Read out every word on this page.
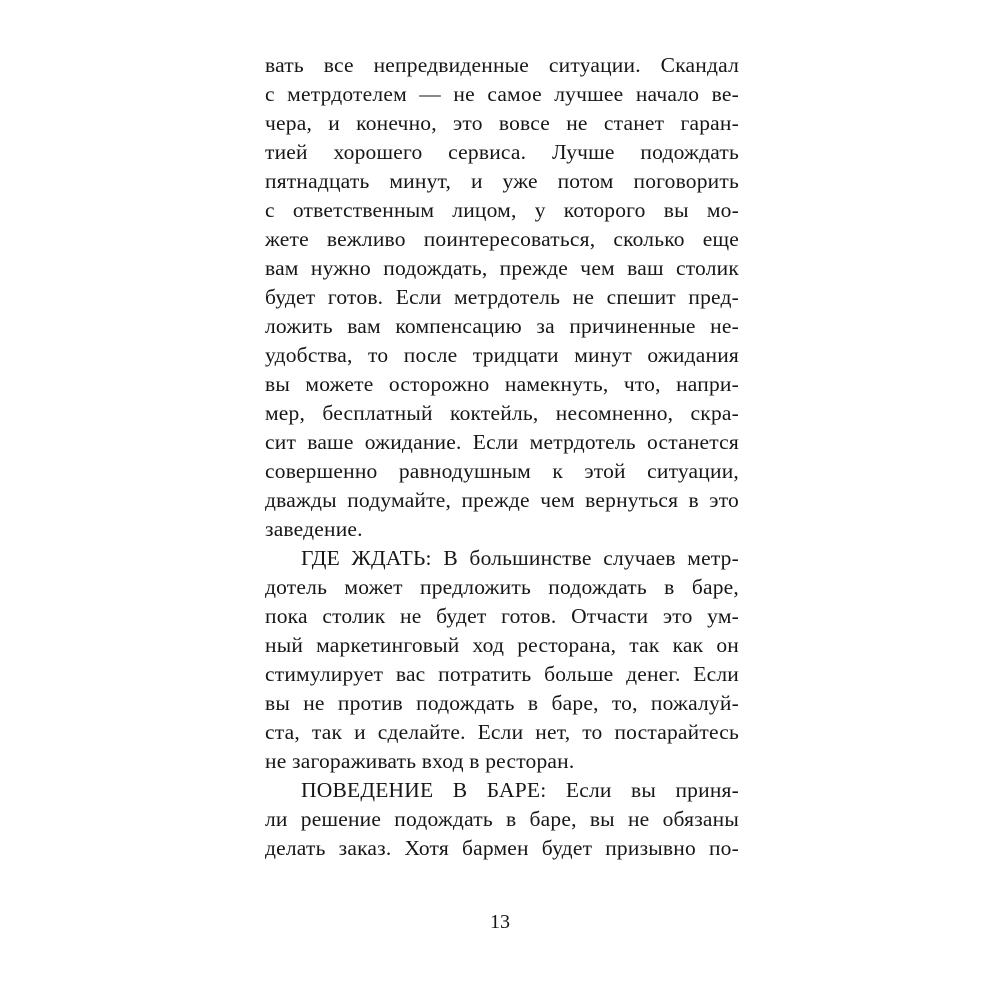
вать все непредвиденные ситуации. Скандал
с метрдотелем — не самое лучшее начало ве-
чера, и конечно, это вовсе не станет гаран-
тией хорошего сервиса. Лучше подождать
пятнадцать минут, и уже потом поговорить
с ответственным лицом, у которого вы мо-
жете вежливо поинтересоваться, сколько еще
вам нужно подождать, прежде чем ваш столик
будет готов. Если метрдотель не спешит пред-
ложить вам компенсацию за причиненные не-
удобства, то после тридцати минут ожидания
вы можете осторожно намекнуть, что, напри-
мер, бесплатный коктейль, несомненно, скра-
сит ваше ожидание. Если метрдотель останется
совершенно равнодушным к этой ситуации,
дважды подумайте, прежде чем вернуться в это
заведение.
ГДЕ ЖДАТЬ: В большинстве случаев метр-
дотель может предложить подождать в баре,
пока столик не будет готов. Отчасти это ум-
ный маркетинговый ход ресторана, так как он
стимулирует вас потратить больше денег. Если
вы не против подождать в баре, то, пожалуй-
ста, так и сделайте. Если нет, то постарайтесь
не загораживать вход в ресторан.
ПОВЕДЕНИЕ В БАРЕ: Если вы приня-
ли решение подождать в баре, вы не обязаны
делать заказ. Хотя бармен будет призывно по-
13
